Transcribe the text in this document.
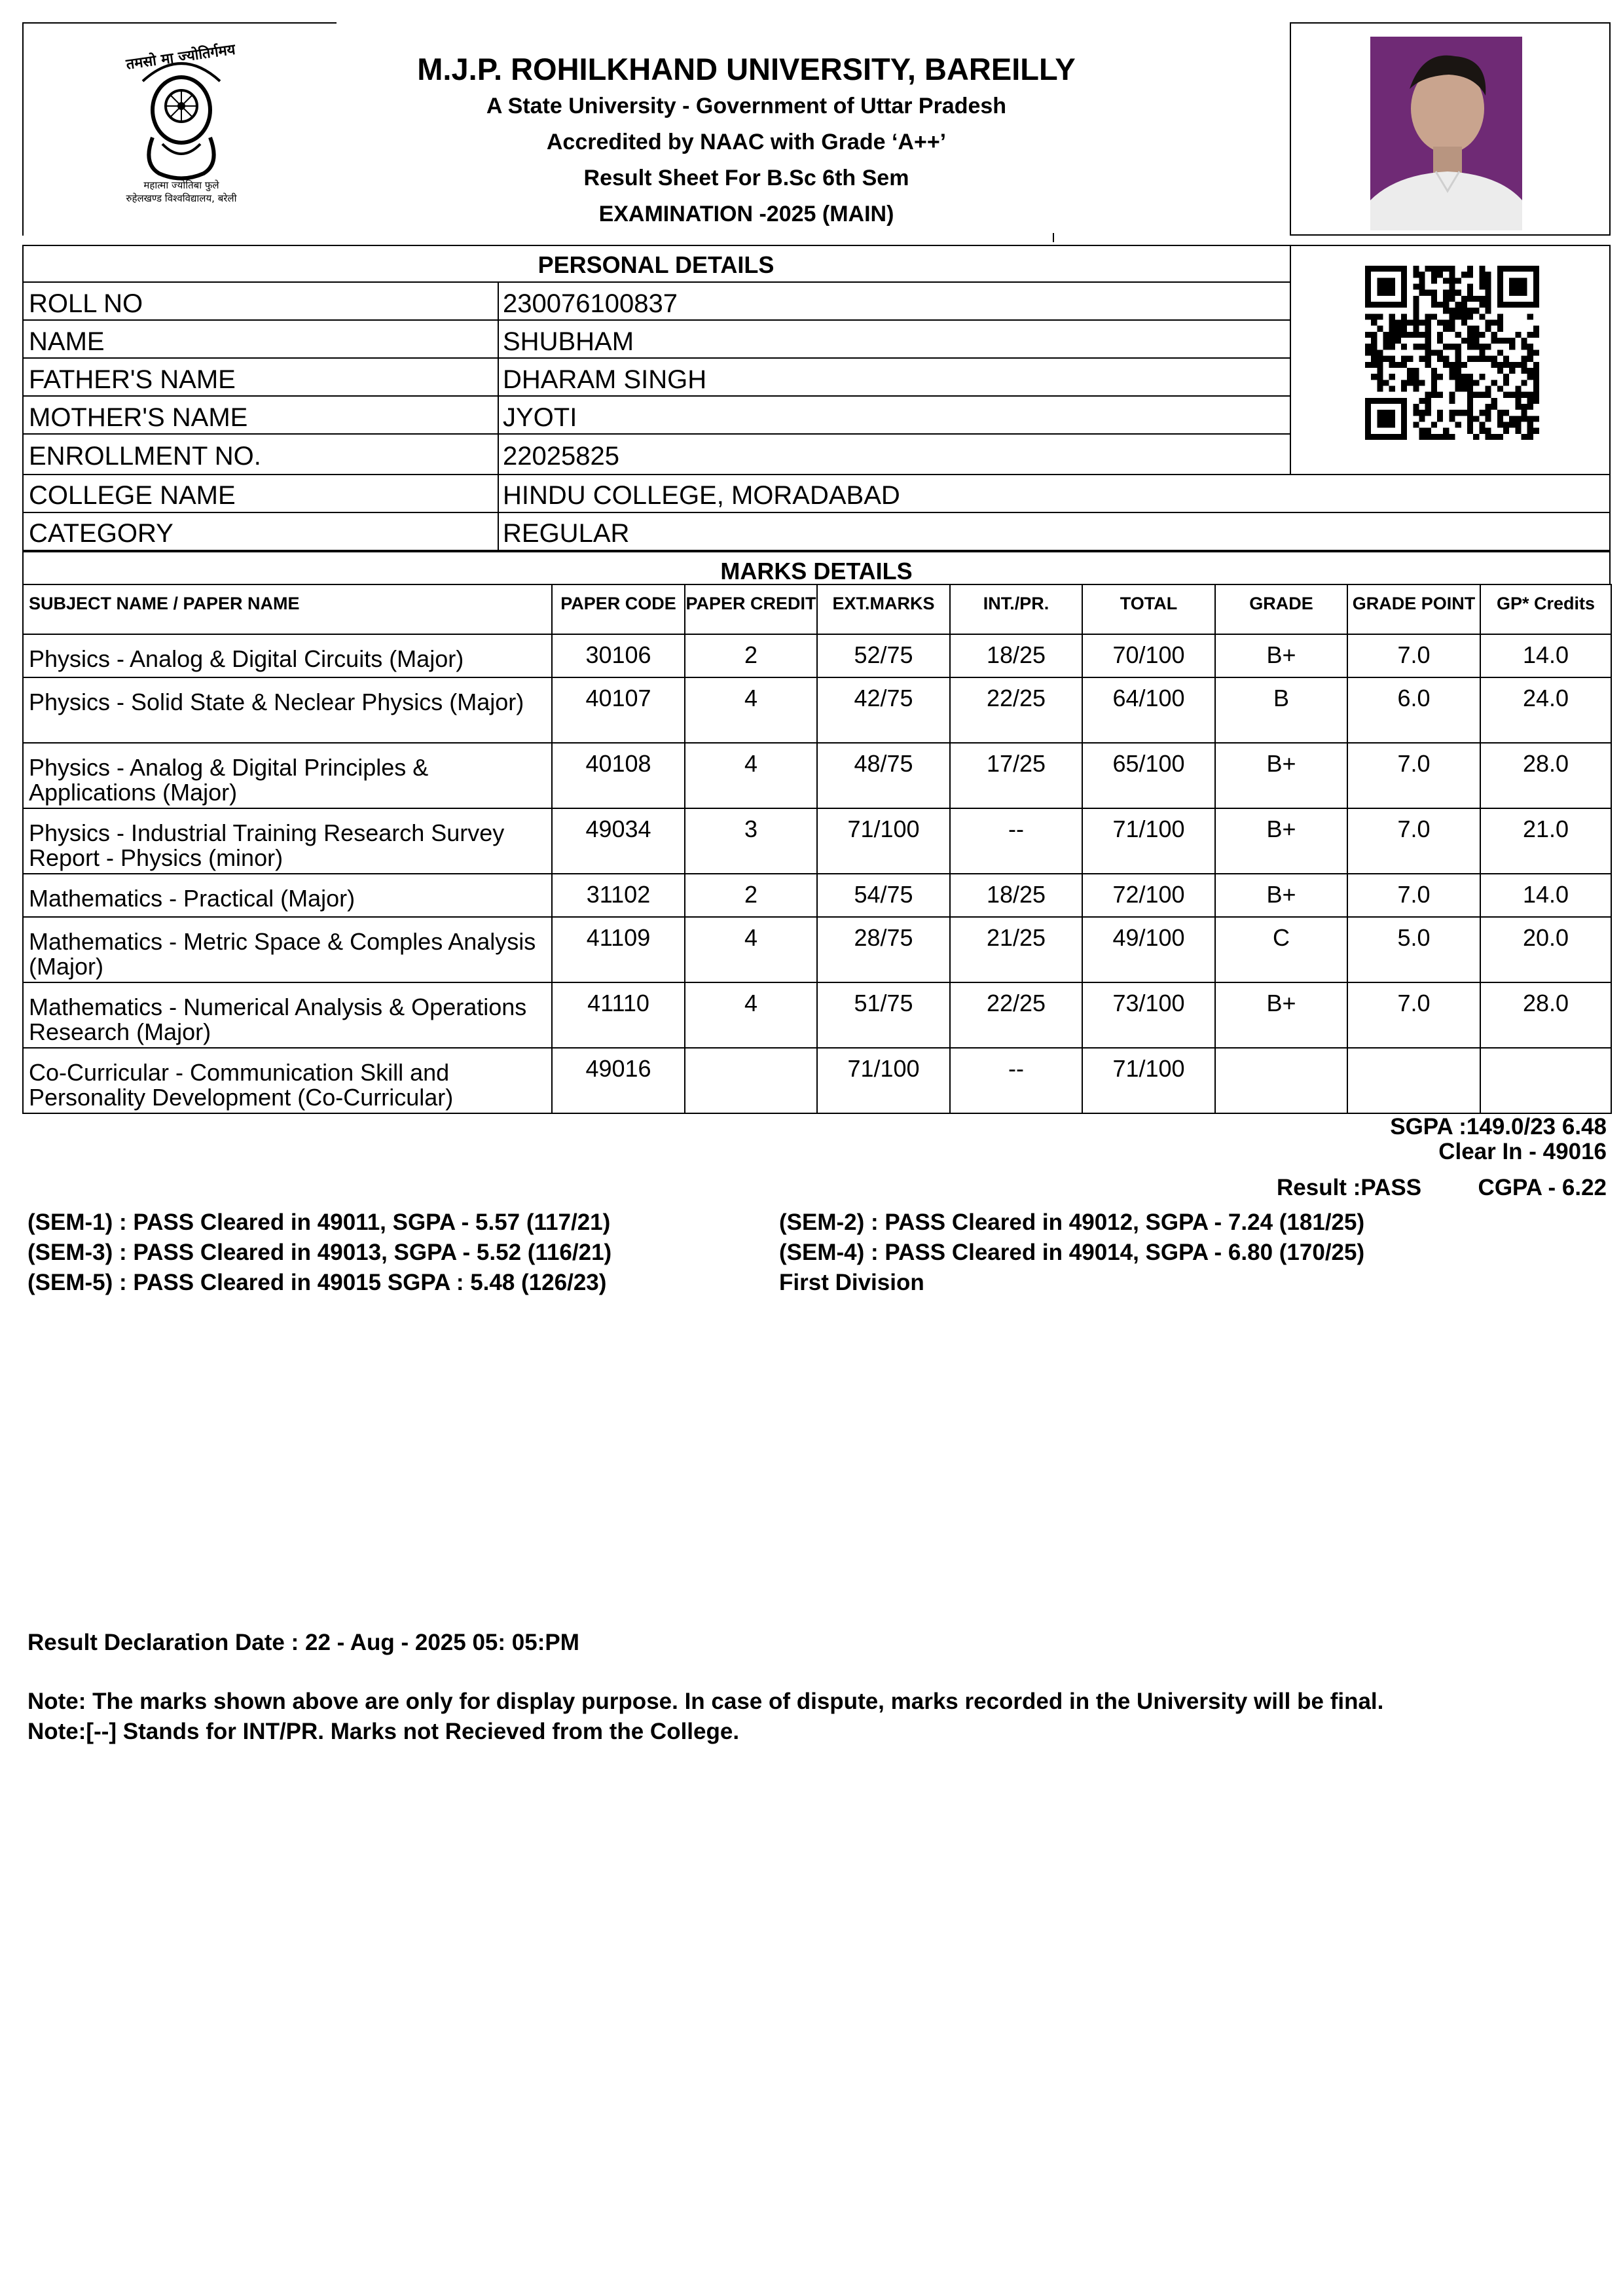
तमसो मा ज्योतिर्गमय
महात्मा ज्योतिबा फुले
रुहेलखण्ड विश्वविद्यालय, बरेली
M.J.P. ROHILKHAND UNIVERSITY, BAREILLY
A State University - Government of Uttar Pradesh
Accredited by NAAC with Grade ‘A++’
Result Sheet For B.Sc 6th Sem
EXAMINATION -2025 (MAIN)
PERSONAL DETAILS
ROLL NO	230076100837
NAME	SHUBHAM
FATHER'S NAME	DHARAM SINGH
MOTHER'S NAME	JYOTI
ENROLLMENT NO.	22025825
COLLEGE NAME	HINDU COLLEGE, MORADABAD
CATEGORY	REGULAR
MARKS DETAILS
SUBJECT NAME / PAPER NAME	PAPER CODE	PAPER CREDIT	EXT.MARKS	INT./PR.	TOTAL	GRADE	GRADE POINT	GP* Credits
Physics - Analog & Digital Circuits (Major)	30106	2	52/75	18/25	70/100	B+	7.0	14.0
Physics - Solid State & Neclear Physics (Major)	40107	4	42/75	22/25	64/100	B	6.0	24.0
Physics - Analog & Digital Principles & Applications (Major)	40108	4	48/75	17/25	65/100	B+	7.0	28.0
Physics - Industrial Training Research Survey Report - Physics (minor)	49034	3	71/100	--	71/100	B+	7.0	21.0
Mathematics - Practical (Major)	31102	2	54/75	18/25	72/100	B+	7.0	14.0
Mathematics - Metric Space & Comples Analysis (Major)	41109	4	28/75	21/25	49/100	C	5.0	20.0
Mathematics - Numerical Analysis & Operations Research (Major)	41110	4	51/75	22/25	73/100	B+	7.0	28.0
Co-Curricular - Communication Skill and Personality Development (Co-Curricular)	49016		71/100	--	71/100			
SGPA :149.0/23 6.48
Clear In - 49016
Result :PASS CGPA - 6.22
(SEM-1) : PASS Cleared in 49011, SGPA - 5.57 (117/21)
(SEM-3) : PASS Cleared in 49013, SGPA - 5.52 (116/21)
(SEM-5) : PASS Cleared in 49015 SGPA : 5.48 (126/23)
(SEM-2) : PASS Cleared in 49012, SGPA - 7.24 (181/25)
(SEM-4) : PASS Cleared in 49014, SGPA - 6.80 (170/25)
First Division
Result Declaration Date : 22 - Aug - 2025 05: 05:PM
Note: The marks shown above are only for display purpose. In case of dispute, marks recorded in the University will be final.
Note:[--] Stands for INT/PR. Marks not Recieved from the College.
